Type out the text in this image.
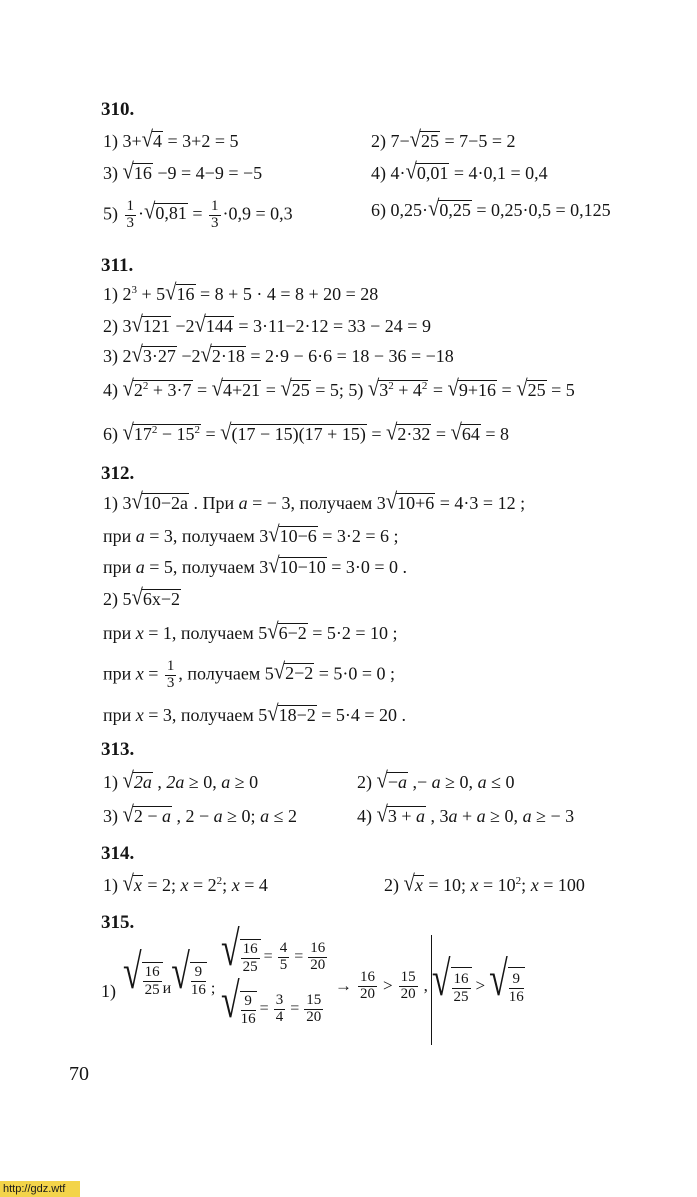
310.
1) 3+√4 = 3+2 = 5	2) 7−√25 = 7−5 = 2
3) √16 −9 = 4−9 = −5	4) 4·√0,01 = 4·0,1 = 0,4
$5) \frac{1}{3} \cdot√0,81 = \frac{1}{3} \cdot 0,9 = 0,3$	6) 0,25·√0,25 = 0,25·0,5 = 0,125
311.
1) $2^3 + 5√16 = 8 + 5 \cdot 4 = 8 + 20 = 28$
2) 3√121 −2√144 = 3·11−2·12 = 33 − 24 = 9
3) 2√3·27 −2√2·18 = 2·9 − 6·6 = 18 − 36 = −18
4) $√2^2 + 3\cdot 7 = √4+21 = √25 = 5$; 5) $√3^2 + 4^2 = √9+16 = √25 = 5$
6) $√17^2 - 15^2 = √(17 - 15)(17 + 15) = √2\cdot 32 = √64 = 8$
312.
1) 3√10−2a . При a = − 3, получаем 3√10+6 = 4·3 = 12 ;
при a = 3, получаем 3√10−6 = 3·2 = 6 ;
при a = 5, получаем 3√10−10 = 3·0 = 0 .
2) 5√6x−2
при x = 1, получаем 5√6−2 = 5·2 = 10 ;
при $x = \frac{1}{3}$ , получаем 5√2−2 = 5·0 = 0 ;
при x = 3, получаем 5√18−2 = 5·4 = 20 .
313.
1) √2a , 2a ≥ 0, a ≥ 0	2) √−a ,− a ≥ 0, a ≤ 0
3) √2 − a , 2 − a ≥ 0; a ≤ 2	4) √3 + a , 3a + a ≥ 0, a ≥ − 3
314.
1) √x = 2; $x = 2^2$; x = 4	2) √x = 10; $x = 10^2$; x = 100
315.
1) √ $\frac{16}{25} и√ \frac{9}{16}$ ;
√ $\frac{16}{25}$ =
4
5 =
16
20
√ $\frac{9}{16}$ =
3
4 =
15
20
→ 16
20 > 15
20 , √ $\frac{16}{25}$ > √ $\frac{9}{16}$
70
http://gdz.wtf
